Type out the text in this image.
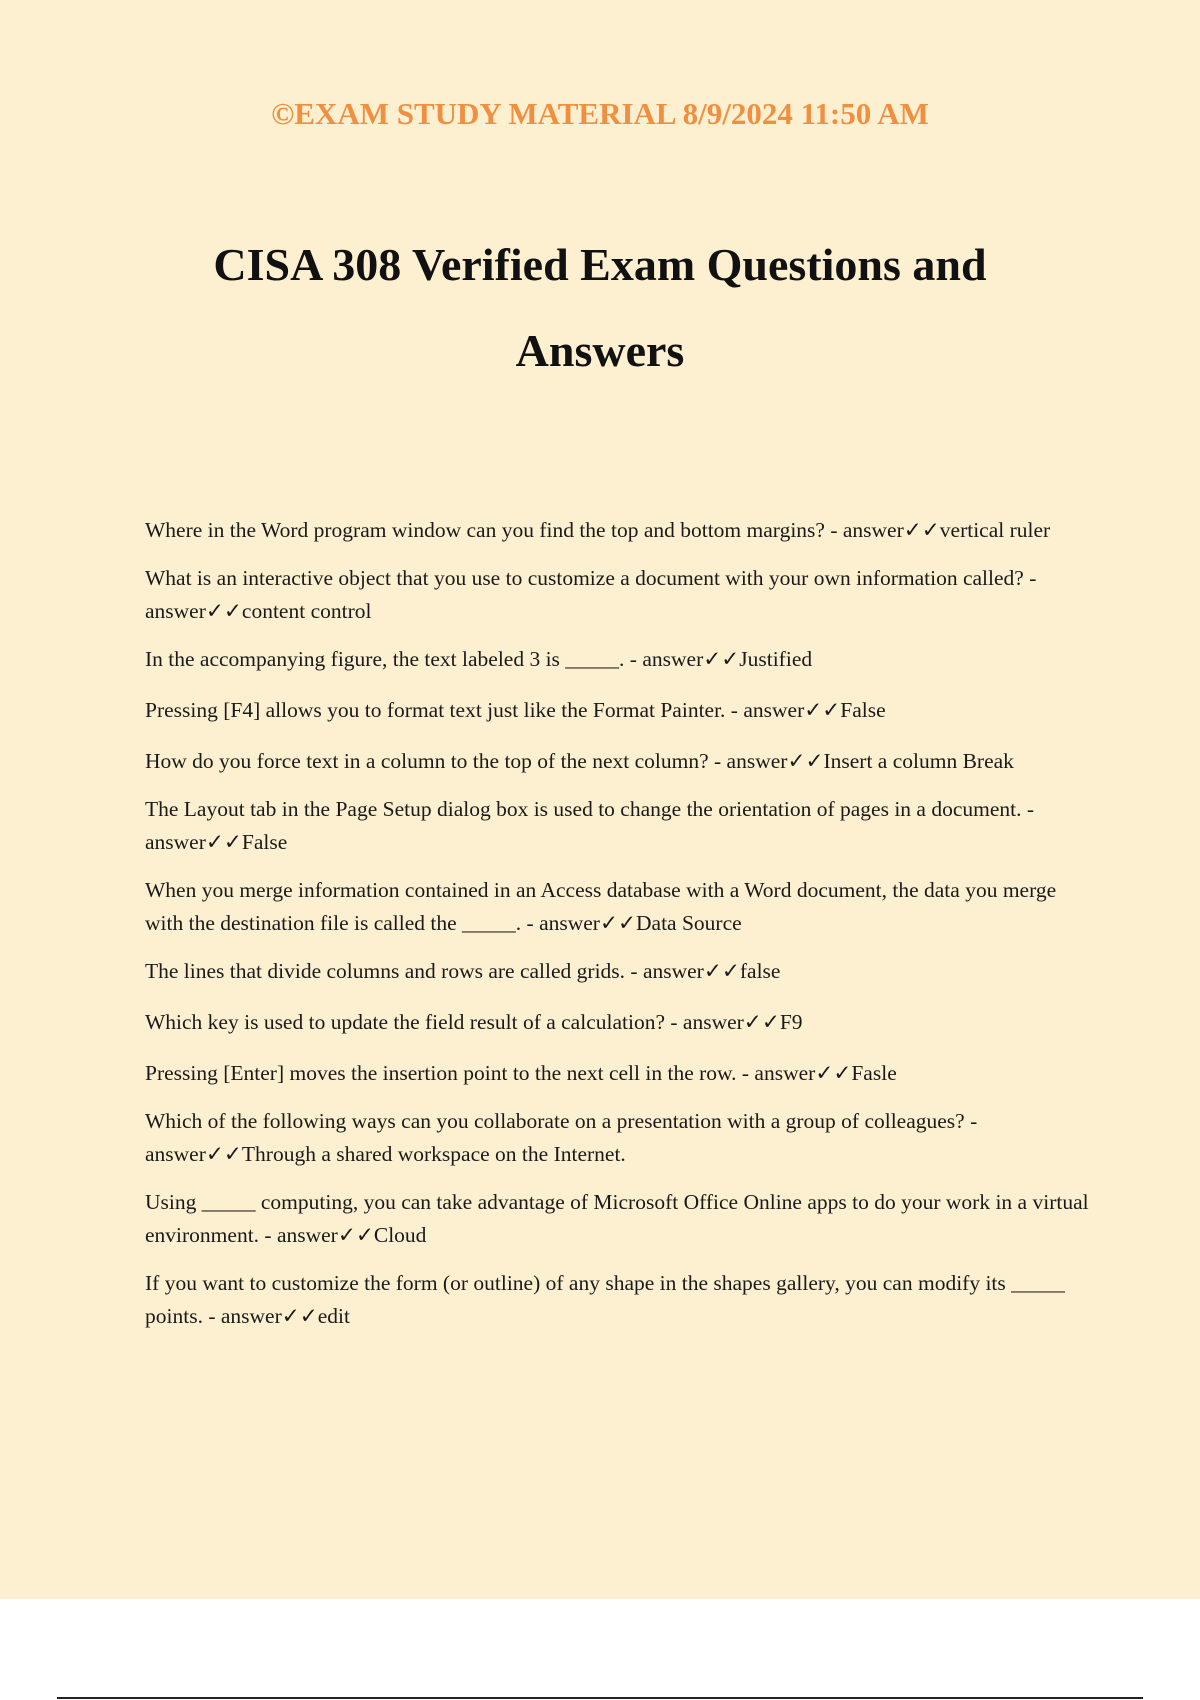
©EXAM STUDY MATERIAL 8/9/2024 11:50 AM
CISA 308 Verified Exam Questions and Answers
Where in the Word program window can you find the top and bottom margins? - answer✓✓vertical ruler
What is an interactive object that you use to customize a document with your own information called? - answer✓✓content control
In the accompanying figure, the text labeled 3 is _____. - answer✓✓Justified
Pressing [F4] allows you to format text just like the Format Painter. - answer✓✓False
How do you force text in a column to the top of the next column? - answer✓✓Insert a column Break
The Layout tab in the Page Setup dialog box is used to change the orientation of pages in a document. - answer✓✓False
When you merge information contained in an Access database with a Word document, the data you merge with the destination file is called the _____. - answer✓✓Data Source
The lines that divide columns and rows are called grids. - answer✓✓false
Which key is used to update the field result of a calculation? - answer✓✓F9
Pressing [Enter] moves the insertion point to the next cell in the row. - answer✓✓Fasle
Which of the following ways can you collaborate on a presentation with a group of colleagues? - answer✓✓Through a shared workspace on the Internet.
Using _____ computing, you can take advantage of Microsoft Office Online apps to do your work in a virtual environment. - answer✓✓Cloud
If you want to customize the form (or outline) of any shape in the shapes gallery, you can modify its _____ points. - answer✓✓edit
